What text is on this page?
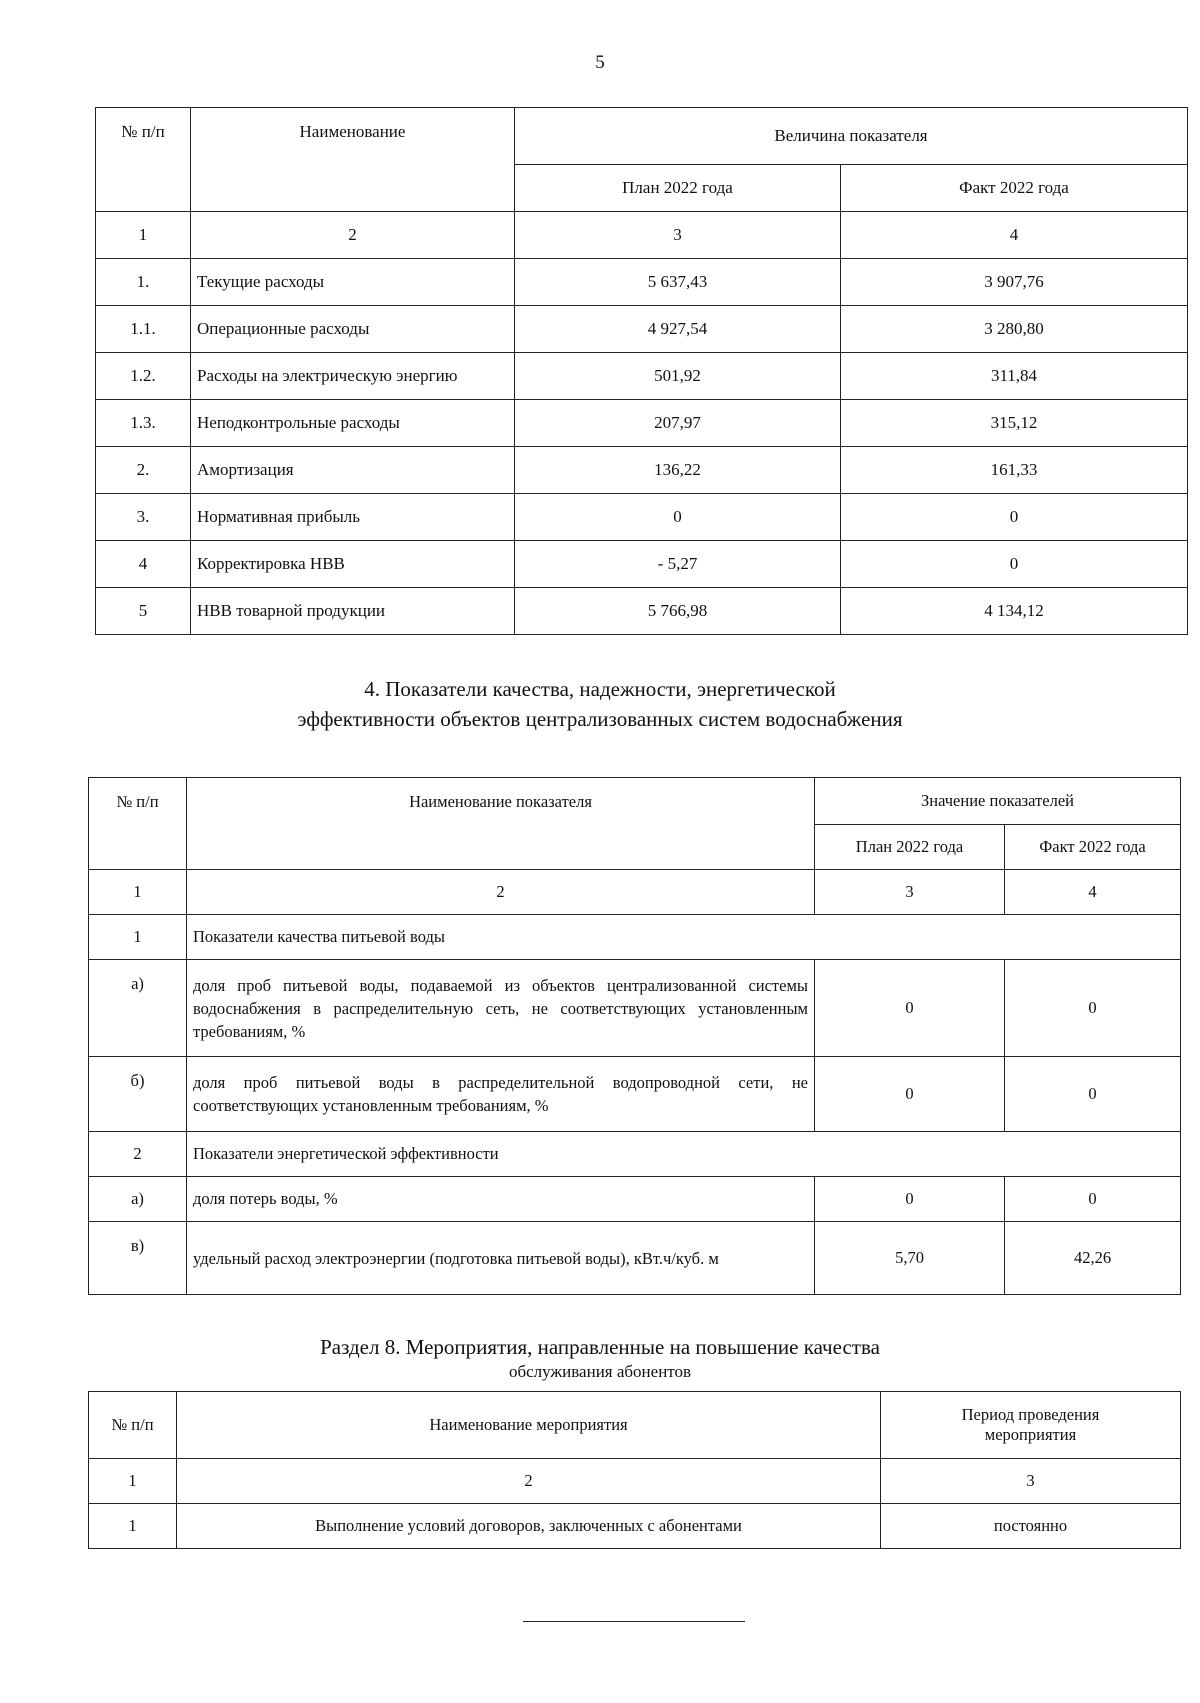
5
№ п/п	Наименование	Величина показателя	
		План 2022 года	Факт 2022 года
1	2	3	4
1.	Текущие расходы	5 637,43	3 907,76
1.1.	Операционные расходы	4 927,54	3 280,80
1.2.	Расходы на электрическую энергию	501,92	311,84
1.3.	Неподконтрольные расходы	207,97	315,12
2.	Амортизация	136,22	161,33
3.	Нормативная прибыль	0	0
4	Корректировка НВВ	- 5,27	0
5	НВВ товарной продукции	5 766,98	4 134,12
4. Показатели качества, надежности, энергетической
эффективности объектов централизованных систем водоснабжения
№ п/п	Наименование показателя	Значение показателей	
		План 2022 года	Факт 2022 года
1	2	3	4
1	Показатели качества питьевой воды		
а)	доля проб питьевой воды, подаваемой из объектов централизованной системы водоснабжения в распределительную сеть, не соответствующих установленным требованиям, %	0	0
б)	доля проб питьевой воды в распределительной водопроводной сети, не соответствующих установленным требованиям, %	0	0
2	Показатели энергетической эффективности		
а)	доля потерь воды, %	0	0
в)	удельный расход электроэнергии (подготовка питьевой воды), кВт.ч/куб. м	5,70	42,26
Раздел 8. Мероприятия, направленные на повышение качества
обслуживания абонентов
№ п/п	Наименование мероприятия	Период проведения мероприятия
1	2	3
1	Выполнение условий договоров, заключенных с абонентами	постоянно
